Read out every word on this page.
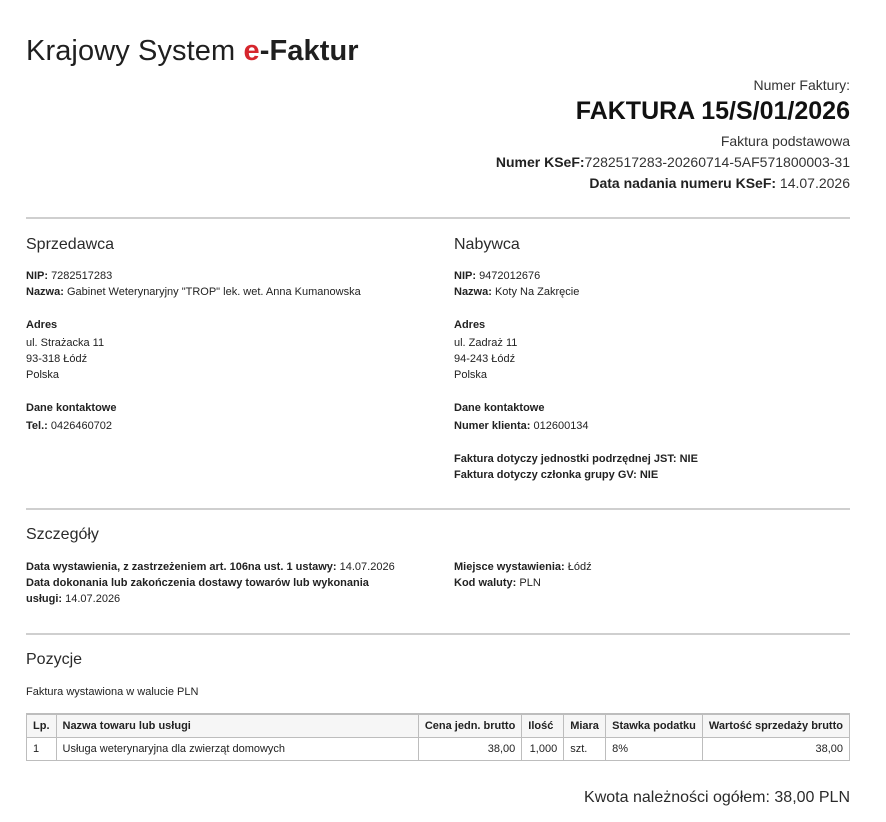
Krajowy System e-Faktur
Numer Faktury:
FAKTURA 15/S/01/2026
Faktura podstawowa
Numer KSeF:7282517283-20260714-5AF571800003-31
Data nadania numeru KSeF: 14.07.2026
Sprzedawca
NIP: 7282517283
Nazwa: Gabinet Weterynaryjny "TROP" lek. wet. Anna Kumanowska
Adres
ul. Strażacka 11
93-318 Łódź
Polska
Dane kontaktowe
Tel.: 0426460702
Nabywca
NIP: 9472012676
Nazwa: Koty Na Zakręcie
Adres
ul. Zadraż 11
94-243 Łódź
Polska
Dane kontaktowe
Numer klienta: 012600134
Faktura dotyczy jednostki podrzędnej JST: NIE
Faktura dotyczy członka grupy GV: NIE
Szczegóły
Data wystawienia, z zastrzeżeniem art. 106na ust. 1 ustawy: 14.07.2026
Data dokonania lub zakończenia dostawy towarów lub wykonania usługi: 14.07.2026
Miejsce wystawienia: Łódź
Kod waluty: PLN
Pozycje
Faktura wystawiona w walucie PLN
Lp.	Nazwa towaru lub usługi	Cena jedn. brutto	Ilość	Miara	Stawka podatku	Wartość sprzedaży brutto
1	Usługa weterynaryjna dla zwierząt domowych	38,00	1,000	szt.	8%	38,00
Kwota należności ogółem: 38,00 PLN
